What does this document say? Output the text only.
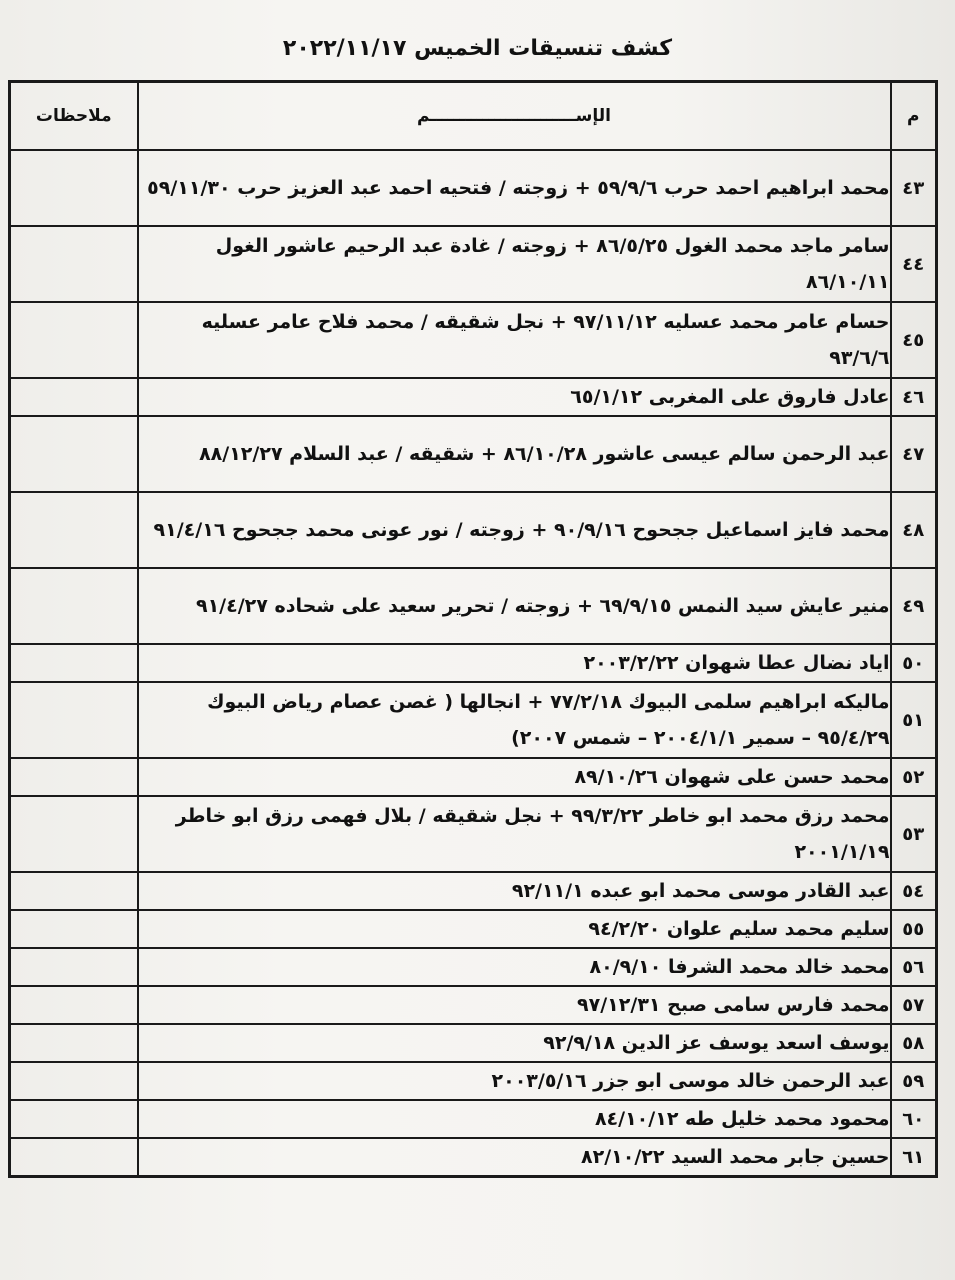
كشف تنسيقات الخميس ٢٠٢٢/١١/١٧
م	الإســـــــــــــــــــــــــم	ملاحظات
٤٣	محمد ابراهيم احمد حرب ٥٩/٩/٦ + زوجته / فتحيه احمد عبد العزيز حرب ٥٩/١١/٣٠	
٤٤	سامر ماجد محمد الغول ٨٦/٥/٢٥ + زوجته / غادة عبد الرحيم عاشور الغول ٨٦/١٠/١١	
٤٥	حسام عامر محمد عسليه ٩٧/١١/١٢ + نجل شقيقه / محمد فلاح عامر عسليه ٩٣/٦/٦	
٤٦	عادل فاروق على المغربى ٦٥/١/١٢	
٤٧	عبد الرحمن سالم عيسى عاشور ٨٦/١٠/٢٨ + شقيقه / عبد السلام ٨٨/١٢/٢٧	
٤٨	محمد فايز اسماعيل ججحوح ٩٠/٩/١٦ + زوجته / نور عونى محمد ججحوح ٩١/٤/١٦	
٤٩	منير عايش سيد النمس ٦٩/٩/١٥ + زوجته / تحرير سعيد على شحاده ٩١/٤/٢٧	
٥٠	اياد نضال عطا شهوان ٢٠٠٣/٢/٢٢	
٥١	ماليكه ابراهيم سلمى البيوك ٧٧/٢/١٨ + انجالها ( غصن عصام رياض البيوك ٩٥/٤/٢٩ – سمير ٢٠٠٤/١/١ – شمس ٢٠٠٧)	
٥٢	محمد حسن على شهوان ٨٩/١٠/٢٦	
٥٣	محمد رزق محمد ابو خاطر ٩٩/٣/٢٢ + نجل شقيقه / بلال فهمى رزق ابو خاطر ٢٠٠١/١/١٩	
٥٤	عبد القادر موسى محمد ابو عبده ٩٢/١١/١	
٥٥	سليم محمد سليم علوان ٩٤/٢/٢٠	
٥٦	محمد خالد محمد الشرفا ٨٠/٩/١٠	
٥٧	محمد فارس سامى صبح ٩٧/١٢/٣١	
٥٨	يوسف اسعد يوسف عز الدين ٩٢/٩/١٨	
٥٩	عبد الرحمن خالد موسى ابو جزر ٢٠٠٣/٥/١٦	
٦٠	محمود محمد خليل طه ٨٤/١٠/١٢	
٦١	حسين جابر محمد السيد ٨٢/١٠/٢٢	
